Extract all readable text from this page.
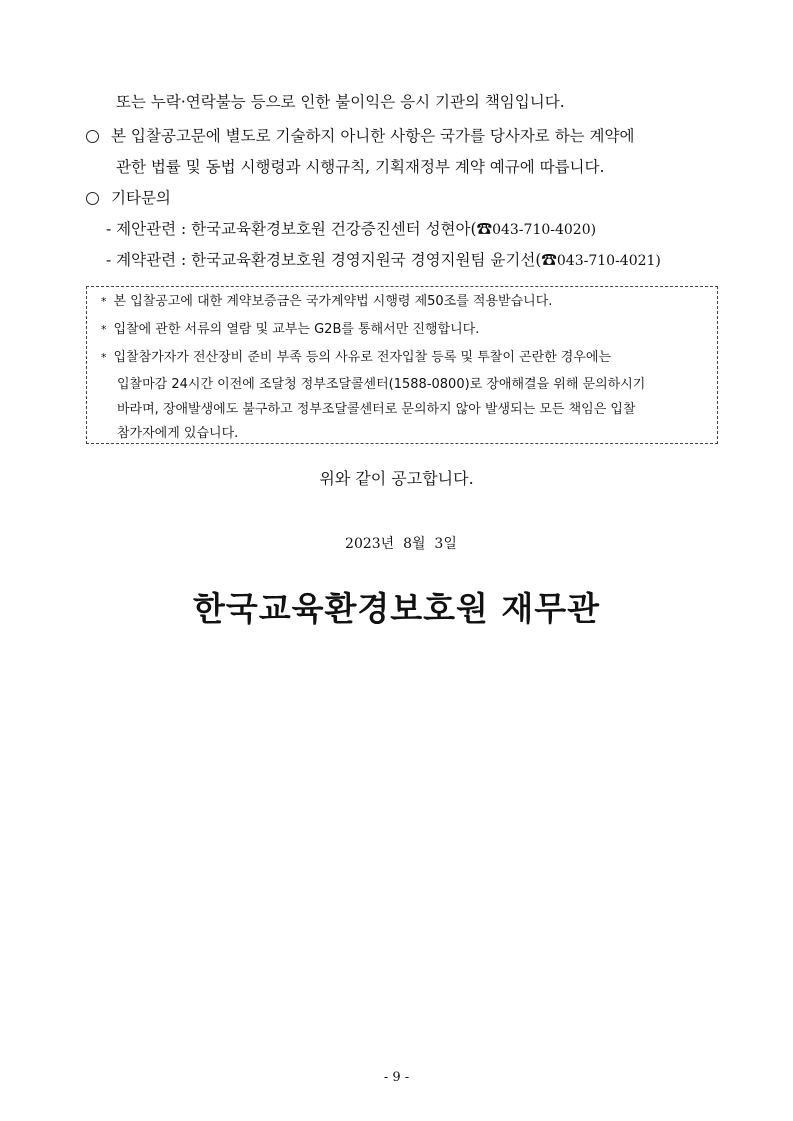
또는 누락·연락불능 등으로 인한 불이익은 응시 기관의 책임입니다.
본 입찰공고문에 별도로 기술하지 아니한 사항은 국가를 당사자로 하는 계약에
관한 법률 및 동법 시행령과 시행규칙, 기획재정부 계약 예규에 따릅니다.
기타문의
- 제안관련 : 한국교육환경보호원 건강증진센터 성현아(☎043-710-4020)
- 계약관련 : 한국교육환경보호원 경영지원국 경영지원팀 윤기선(☎043-710-4021)
* 본 입찰공고에 대한 계약보증금은 국가계약법 시행령 제50조를 적용받습니다.
* 입찰에 관한 서류의 열람 및 교부는 G2B를 통해서만 진행합니다.
* 입찰참가자가 전산장비 준비 부족 등의 사유로 전자입찰 등록 및 투찰이 곤란한 경우에는
입찰마감 24시간 이전에 조달청 정부조달콜센터(1588-0800)로 장애해결을 위해 문의하시기
바라며, 장애발생에도 불구하고 정부조달콜센터로 문의하지 않아 발생되는 모든 책임은 입찰
참가자에게 있습니다.
위와 같이 공고합니다.

2023년  8월  3일

한국교육환경보호원 재무관
- 9 -
